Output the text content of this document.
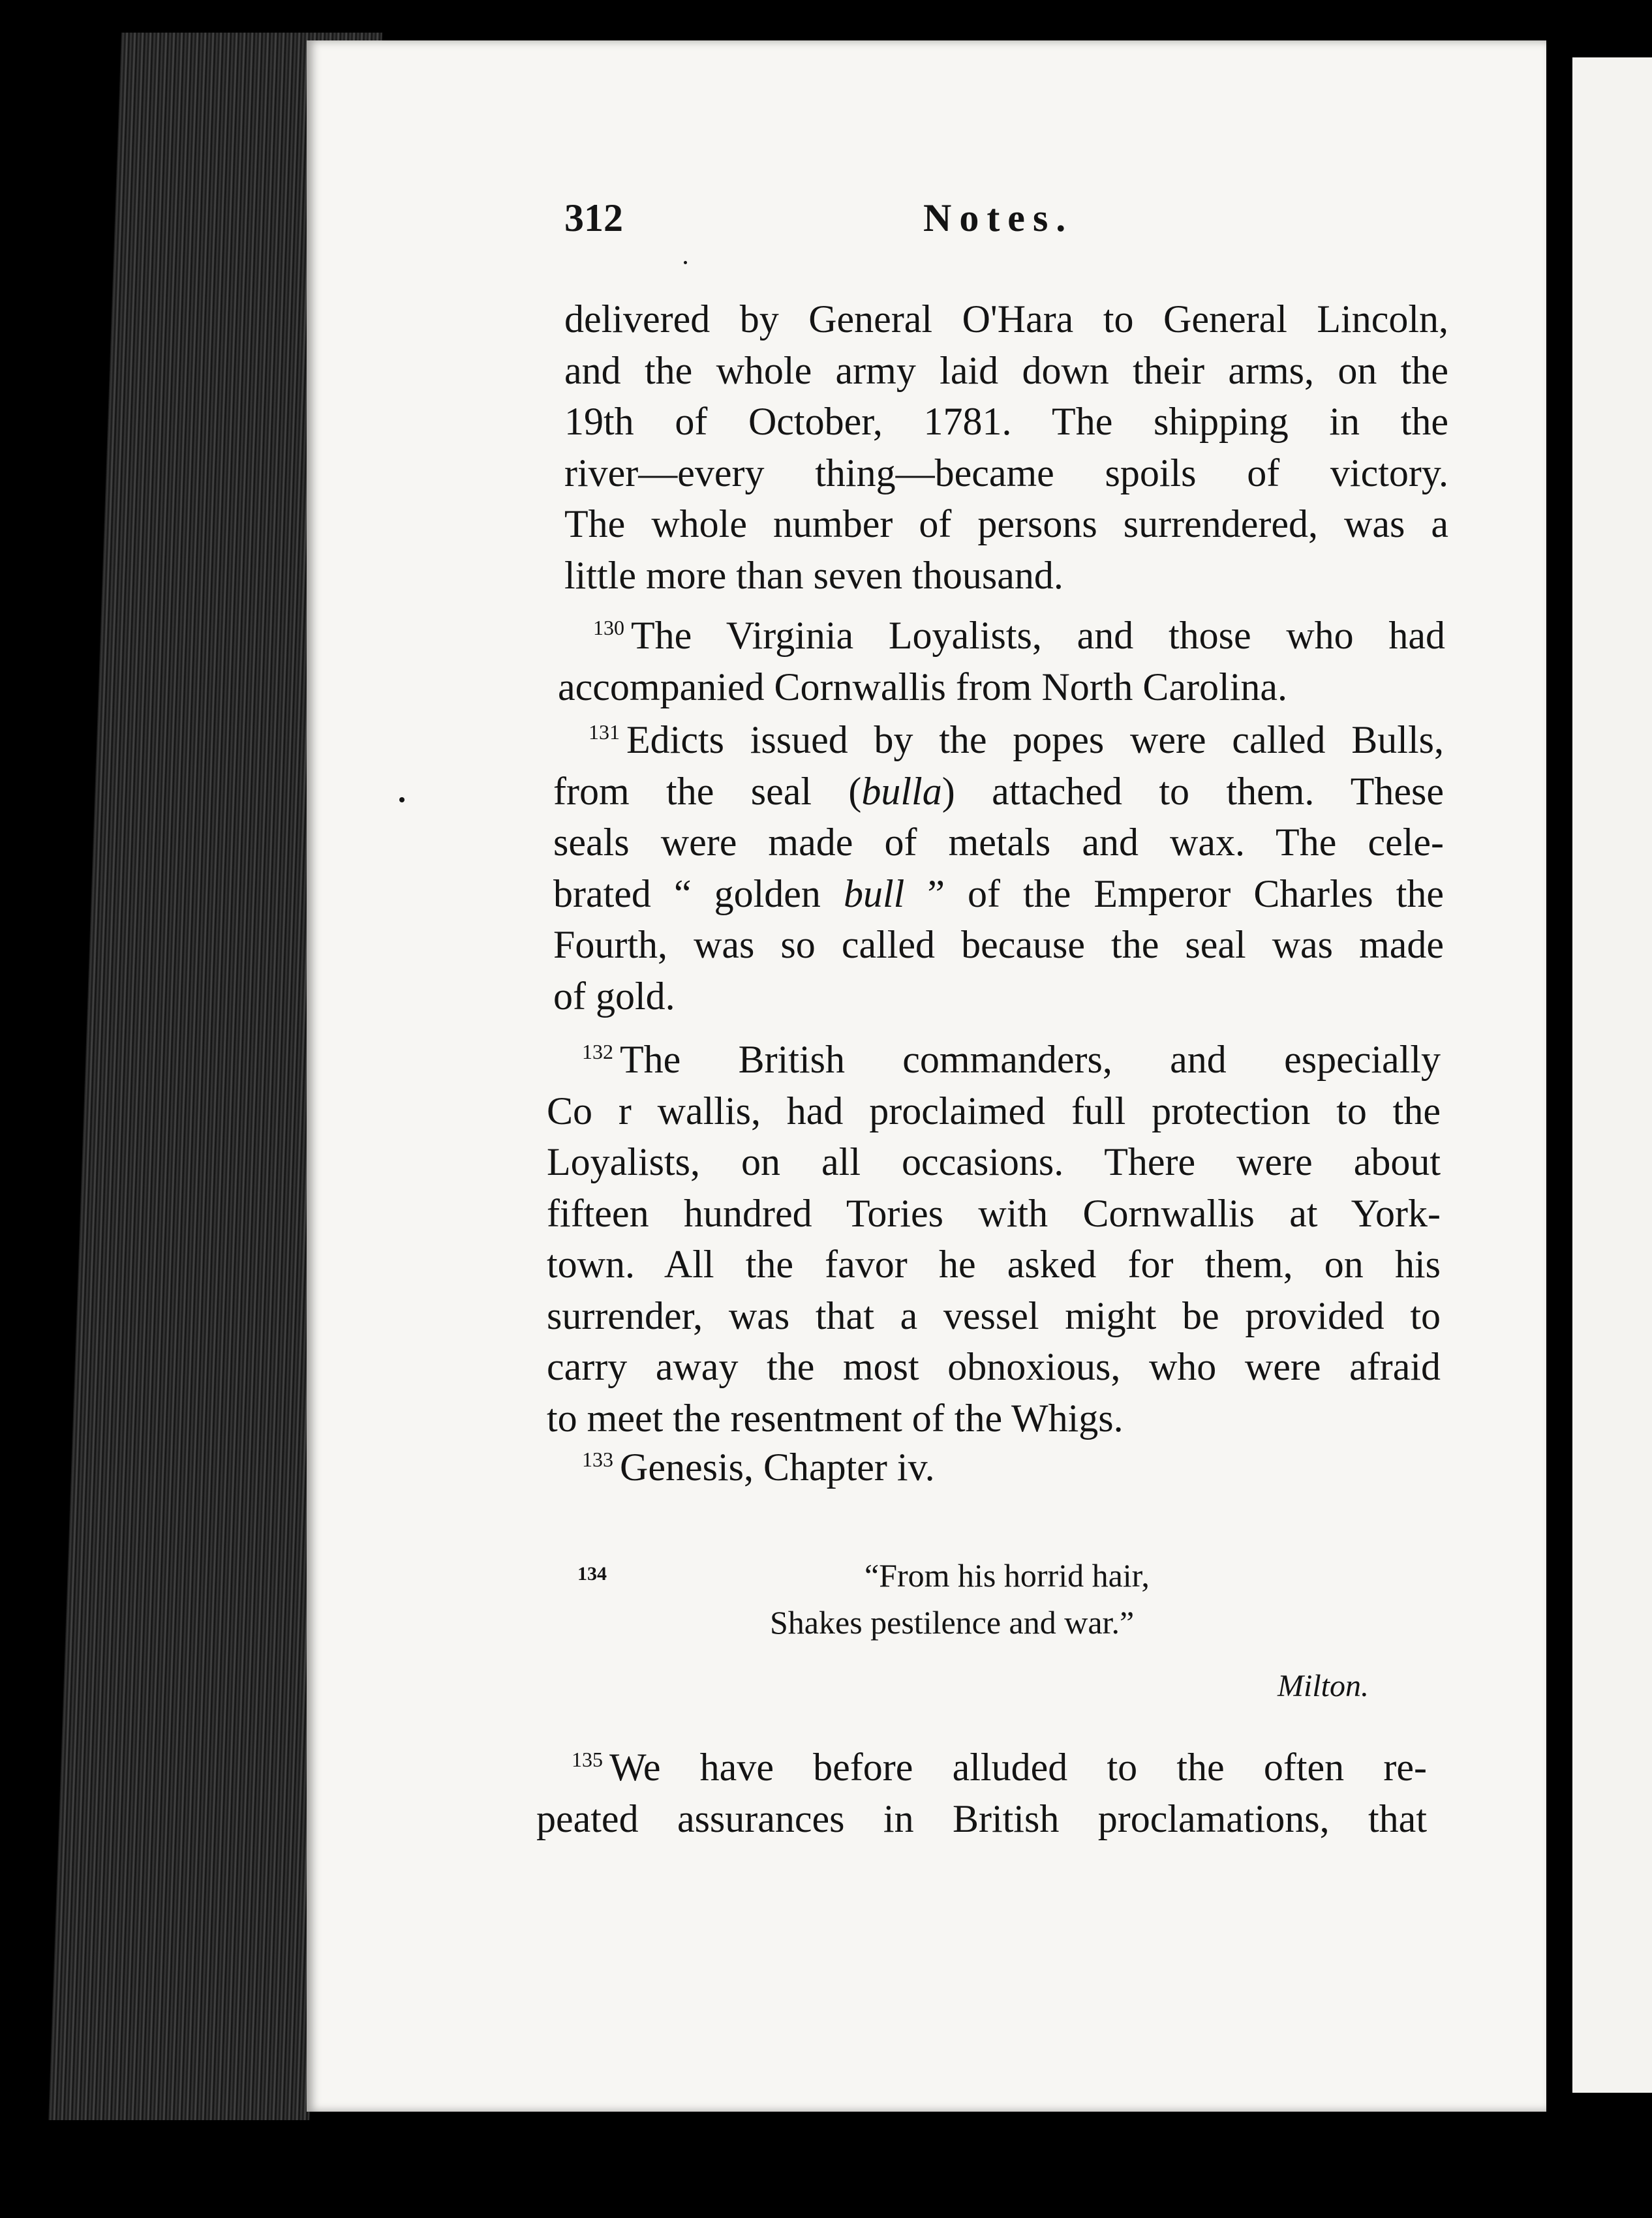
312	Notes.
delivered by General O'Hara to General Lincoln,
and the whole army laid down their arms, on the
19th of October, 1781. The shipping in the
river—every thing—became spoils of victory.
The whole number of persons surrendered, was a
little more than seven thousand.
$^{130}$ The Virginia Loyalists, and those who had
accompanied Cornwallis from North Carolina.
$^{131}$ Edicts issued by the popes were called Bulls,
from the seal (bulla) attached to them. These
seals were made of metals and wax. The cele-
brated “ golden bull ” of the Emperor Charles the
Fourth, was so called because the seal was made
of gold.
$^{132}$ The British commanders, and especially
Co r wallis, had proclaimed full protection to the
Loyalists, on all occasions. There were about
fifteen hundred Tories with Cornwallis at York-
town. All the favor he asked for them, on his
surrender, was that a vessel might be provided to
carry away the most obnoxious, who were afraid
to meet the resentment of the Whigs.
$^{133}$ Genesis, Chapter iv.
134	“From his horrid hair,
Shakes pestilence and war.”
Milton.
$^{135}$ We have before alluded to the often re-
peated assurances in British proclamations, that
